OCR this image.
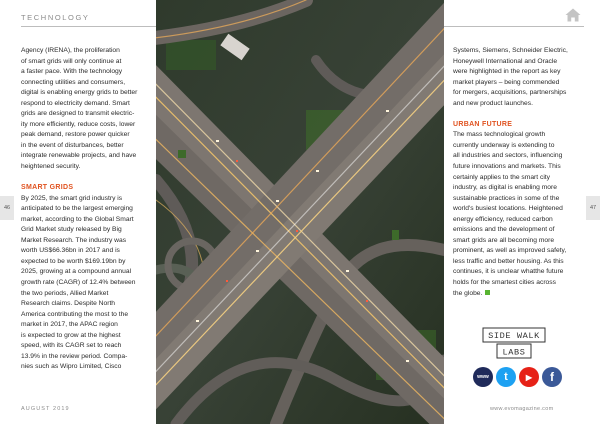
TECHNOLOGY

Agency (IRENA), the proliferation

of smart grids will only continue at

a faster pace. With the technology

connecting utilities and consumers,

digital is enabling energy grids to better

respond to electricity demand. Smart

grids are designed to transmit electric-

ity more efficiently, reduce costs, lower

peak demand, restore power quicker

in the event of disturbances, better

integrate renewable projects, and have

heightened security.

SMART GRIDS

By 2025, the smart grid industry is

anticipated to be the largest emerging

market, according to the Global Smart

Grid Market study released by Big

Market Research. The industry was

worth US$66.36bn in 2017 and is

expected to be worth $169.19bn by

2025, growing at a compound annual

growth rate (CAGR) of 12.4% between

the two periods, Allied Market

Research claims. Despite North

America contributing the most to the

market in 2017, the APAC region

is expected to grow at the highest

speed, with its CAGR set to reach

13.9% in the review period. Compa-

nies such as Wipro Limited, Cisco

Systems, Siemens, Schneider Electric,

Honeywell International and Oracle

were highlighted in the report as key

market players – being commended

for mergers, acquisitions, partnerships

and new product launches.

URBAN FUTURE

The mass technological growth

currently underway is extending to

all industries and sectors, influencing

future innovations and markets. This

certainly applies to the smart city

industry, as digital is enabling more

sustainable practices in some of the

world's busiest locations. Heightened

energy efficiency, reduced carbon

emissions and the development of

smart grids are all becoming more

prominent, as well as improved safety,

less traffic and better housing. As this

continues, it is unclear whatthe future

holds for the smartest cities across

the globe.

SIDE WALK
LABS
www t ▶ f
46	47
AUGUST 2019	www.evomagazine.com
